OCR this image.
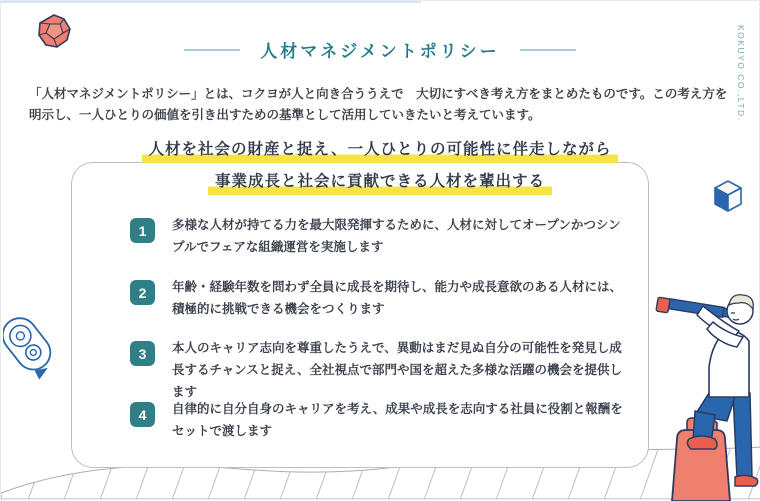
人材マネジメントポリシー	KOKUYO CO.,LTD.

「人材マネジメントポリシー」とは、コクヨが人と向き合ううえで　大切にすべき考え方をまとめたものです。この考え方を明示し、一人ひとりの価値を引き出すための基準として活用していきたいと考えています。

人材を社会の財産と捉え、一人ひとりの可能性に伴走しながら
事業成長と社会に貢献できる人材を輩出する
1	多様な人材が持てる力を最大限発揮するために、人材に対してオープンかつシンプルでフェアな組織運営を実施します
2	年齢・経験年数を問わず全員に成長を期待し、能力や成長意欲のある人材には、積極的に挑戦できる機会をつくります
3	本人のキャリア志向を尊重したうえで、異動はまだ見ぬ自分の可能性を発見し成長するチャンスと捉え、全社視点で部門や国を超えた多様な活躍の機会を提供します
4	自律的に自分自身のキャリアを考え、成果や成長を志向する社員に役割と報酬をセットで渡します
